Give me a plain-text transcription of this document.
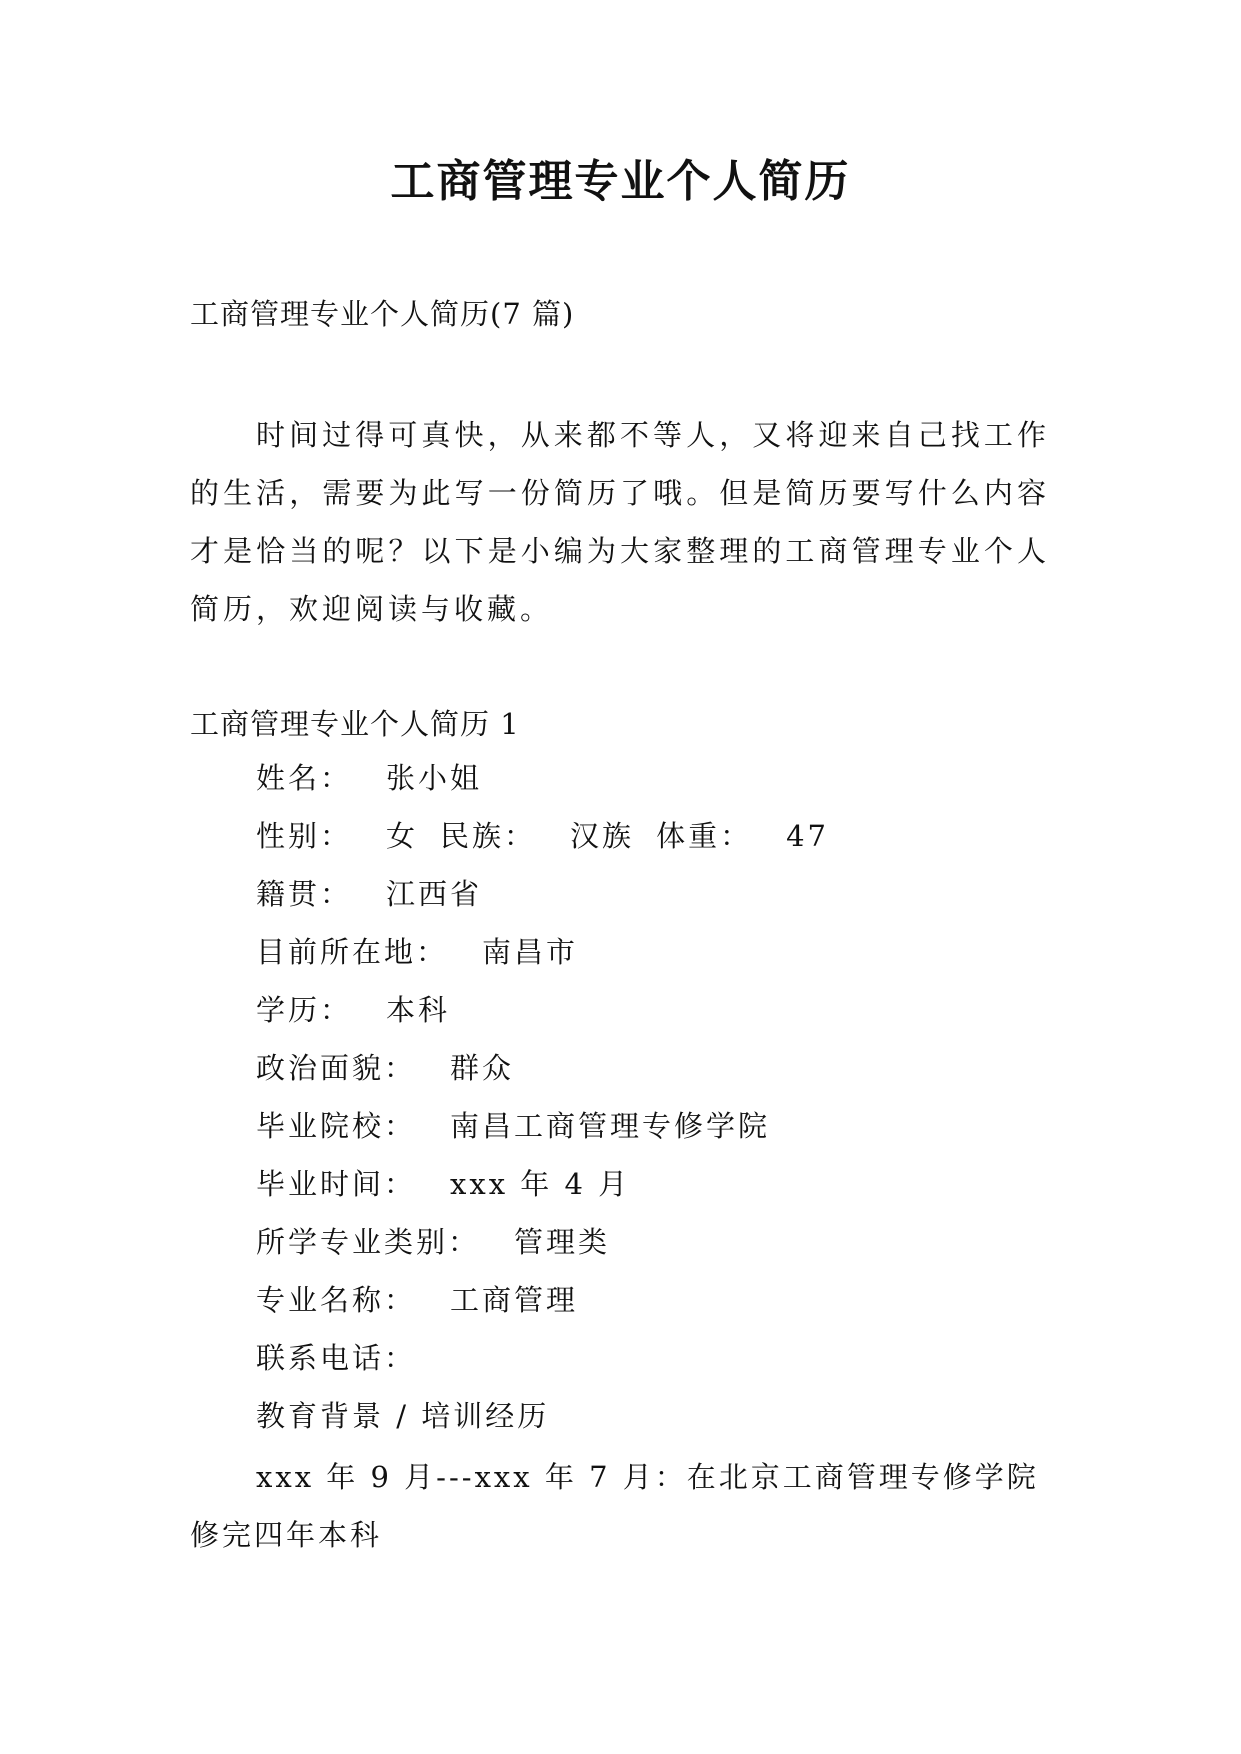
工商管理专业个人简历
工商管理专业个人简历(7 篇)

时间过得可真快，从来都不等人，又将迎来自己找工作的生活，需要为此写一份简历了哦。但是简历要写什么内容才是恰当的呢？以下是小编为大家整理的工商管理专业个人简历，欢迎阅读与收藏。

工商管理专业个人简历 1
姓名： 张小姐
性别： 女 民族： 汉族 体重： 47
籍贯： 江西省
目前所在地： 南昌市
学历： 本科
政治面貌： 群众
毕业院校： 南昌工商管理专修学院
毕业时间： xxx 年 4 月
所学专业类别： 管理类
专业名称： 工商管理
联系电话：
教育背景 / 培训经历

xxx 年 9 月---xxx 年 7 月：在北京工商管理专修学院修完四年本科
